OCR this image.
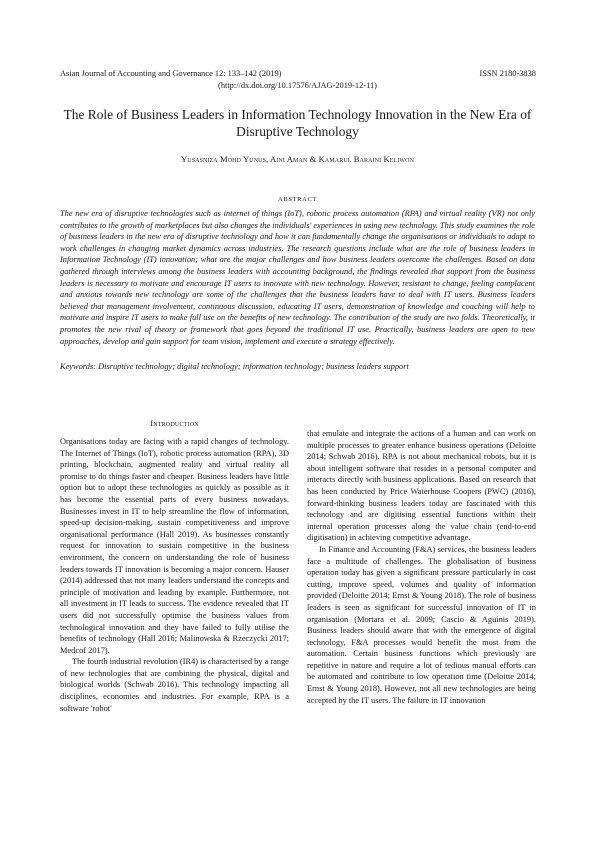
Asian Journal of Accounting and Governance 12: 133–142 (2019)	ISSN 2180-3838
(http://dx.doi.org/10.17576/AJAG-2019-12-11)
The Role of Business Leaders in Information Technology Innovation in the New Era of Disruptive Technology
Yusasniza Mohd Yunus, Aini Aman & Kamarul Baraini Keliwon
ABSTRACT

The new era of disruptive technologies such as internet of things (IoT), robotic process automation (RPA) and virtual reality (VR) not only contributes to the growth of marketplaces but also changes the individuals' experiences in using new technology. This study examines the role of business leaders in the new era of disruptive technology and how it can fundamentally change the organisations or individuals to adapt to work challenges in changing market dynamics across industries. The research questions include what are the role of business leaders in Information Technology (IT) innovation; what are the major challenges and how business leaders overcome the challenges. Based on data gathered through interviews among the business leaders with accounting background, the findings revealed that support from the business leaders is necessary to motivate and encourage IT users to innovate with new technology. However, resistant to change, feeling complacent and anxious towards new technology are some of the challenges that the business leaders have to deal with IT users. Business leaders believed that management involvement, continuous discussion, educating IT users, demonstration of knowledge and coaching will help to motivate and inspire IT users to make full use on the benefits of new technology. The contribution of the study are two folds. Theoretically, it promotes the new rival of theory or framework that goes beyond the traditional IT use. Practically, business leaders are open to new approaches, develop and gain support for team vision, implement and execute a strategy effectively.

Keywords: Disruptive technology; digital technology; information technology; business leaders support
Introduction

Organisations today are facing with a rapid changes of technology. The Internet of Things (IoT), robotic process automation (RPA), 3D printing, blockchain, augmented reality and virtual reality all promise to do things faster and cheaper. Business leaders have little option but to adopt these technologies as quickly as possible as it has become the essential parts of every business nowadays. Businesses invest in IT to help streamline the flow of information, speed-up decision-making, sustain competitiveness and improve organisational performance (Hall 2019). As businesses constantly request for innovation to sustain competitive in the business environment, the concern on understanding the role of business leaders towards IT innovation is becoming a major concern. Hauser (2014) addressed that not many leaders understand the concepts and principle of motivation and leading by example. Furthermore, not all investment in IT leads to success. The evidence revealed that IT users did not successfully optimise the business values from technological innovation and they have failed to fully utilise the benefits of technology (Hall 2016; Malinowska & Rzeczycki 2017; Medcof 2017).

The fourth industrial revolution (IR4) is characterised by a range of new technologies that are combining the physical, digital and biological worlds (Schwab 2016). This technology impacting all disciplines, economies and industries. For example, RPA is a software 'robot'

that emulate and integrate the actions of a human and can work on multiple processes to greater enhance business operations (Deloitte 2014; Schwab 2016). RPA is not about mechanical robots, but it is about intelligent software that resides in a personal computer and interacts directly with business applications. Based on research that has been conducted by Price Waterhouse Coopers (PWC) (2016), forward-thinking business leaders today are fascinated with this technology and are digitising essential functions within their internal operation processes along the value chain (end-to-end digitisation) in achieving competitive advantage.

In Finance and Accounting (F&A) services, the business leaders face a multitude of challenges. The globalisation of business operation today has given a significant pressure particularly in cost cutting, improve speed, volumes and quality of information provided (Deloitte 2014; Ernst & Young 2018). The role of business leaders is seen as significant for successful innovation of IT in organisation (Mortara et al. 2009; Cascio & Aguinis 2019). Business leaders should aware that with the emergence of digital technology, F&A processes would benefit the most from the automation. Certain business functions which previously are repetitive in nature and require a lot of tedious manual efforts can be automated and contribute to low operation time (Deloitte 2014; Ernst & Young 2018). However, not all new technologies are being accepted by the IT users. The failure in IT innovation
